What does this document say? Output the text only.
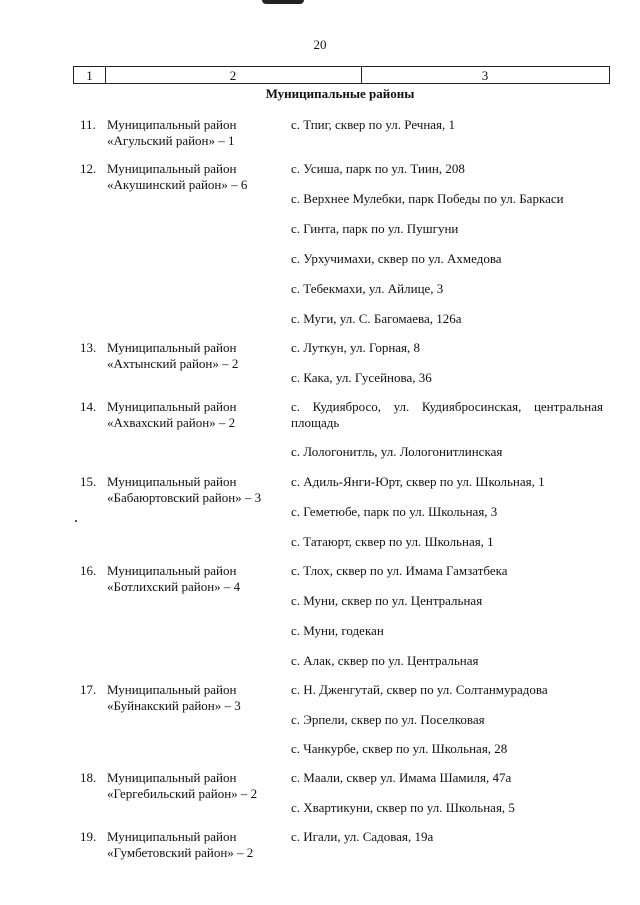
20
1	2	3
Муниципальные районы
11. Муниципальный район
«Агульский район» – 1
с. Тпиг, сквер по ул. Речная, 1
12. Муниципальный район
«Акушинский район» – 6
с. Усиша, парк по ул. Тиин, 208
с. Верхнее Мулебки, парк Победы по ул. Баркаси
с. Гинта, парк по ул. Пушгуни
с. Урхучимахи, сквер по ул. Ахмедова
с. Тебекмахи, ул. Айлице, 3
с. Муги, ул. С. Багомаева, 126а
13. Муниципальный район
«Ахтынский район» – 2
с. Луткун, ул. Горная, 8
с. Кака, ул. Гусейнова, 36
14. Муниципальный район
«Ахвахский район» – 2
с. Кудиябросо, ул. Кудиябросинская, центральная площадь
с. Лологонитль, ул. Лологонитлинская
15. Муниципальный район
«Бабаюртовский район» – 3
с. Адиль-Янги-Юрт, сквер по ул. Школьная, 1
с. Геметюбе, парк по ул. Школьная, 3
с. Татаюрт, сквер по ул. Школьная, 1
16. Муниципальный район
«Ботлихский район» – 4
с. Тлох, сквер по ул. Имама Гамзатбека
с. Муни, сквер по ул. Центральная
с. Муни, годекан
с. Алак, сквер по ул. Центральная
17. Муниципальный район
«Буйнакский район» – 3
с. Н. Дженгутай, сквер по ул. Солтанмурадова
с. Эрпели, сквер по ул. Поселковая
с. Чанкурбе, сквер по ул. Школьная, 28
18. Муниципальный район
«Гергебильский район» – 2
с. Маали, сквер ул. Имама Шамиля, 47а
с. Хвартикуни, сквер по ул. Школьная, 5
19. Муниципальный район
«Гумбетовский район» – 2
с. Игали, ул. Садовая, 19а
